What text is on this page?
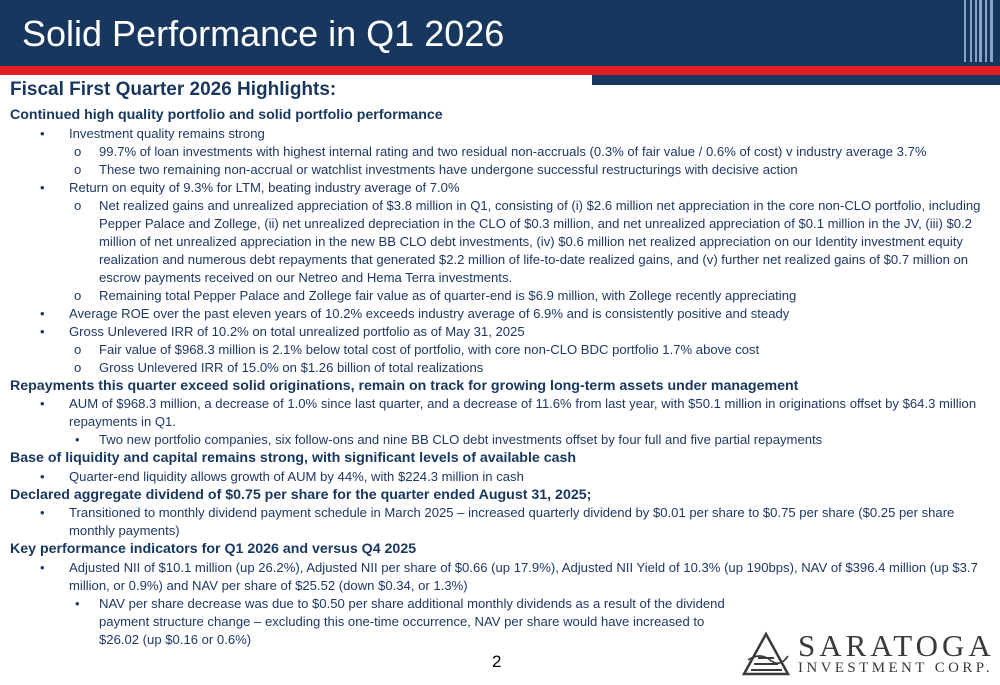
Solid Performance in Q1 2026
Fiscal First Quarter 2026 Highlights:

Continued high quality portfolio and solid portfolio performance

• Investment quality remains strong

o 99.7% of loan investments with highest internal rating and two residual non-accruals (0.3% of fair value / 0.6% of cost) v industry average 3.7%

o These two remaining non-accrual or watchlist investments have undergone successful restructurings with decisive action

• Return on equity of 9.3% for LTM, beating industry average of 7.0%

o Net realized gains and unrealized appreciation of $3.8 million in Q1, consisting of (i) $2.6 million net appreciation in the core non-CLO portfolio, including Pepper Palace and Zollege, (ii) net unrealized depreciation in the CLO of $0.3 million, and net unrealized appreciation of $0.1 million in the JV, (iii) $0.2 million of net unrealized appreciation in the new BB CLO debt investments, (iv) $0.6 million net realized appreciation on our Identity investment equity realization and numerous debt repayments that generated $2.2 million of life-to-date realized gains, and (v) further net realized gains of $0.7 million on escrow payments received on our Netreo and Hema Terra investments.

o Remaining total Pepper Palace and Zollege fair value as of quarter-end is $6.9 million, with Zollege recently appreciating

• Average ROE over the past eleven years of 10.2% exceeds industry average of 6.9% and is consistently positive and steady

• Gross Unlevered IRR of 10.2% on total unrealized portfolio as of May 31, 2025

o Fair value of $968.3 million is 2.1% below total cost of portfolio, with core non-CLO BDC portfolio 1.7% above cost

o Gross Unlevered IRR of 15.0% on $1.26 billion of total realizations

Repayments this quarter exceed solid originations, remain on track for growing long-term assets under management

• AUM of $968.3 million, a decrease of 1.0% since last quarter, and a decrease of 11.6% from last year, with $50.1 million in originations offset by $64.3 million repayments in Q1.

• Two new portfolio companies, six follow-ons and nine BB CLO debt investments offset by four full and five partial repayments

Base of liquidity and capital remains strong, with significant levels of available cash

• Quarter-end liquidity allows growth of AUM by 44%, with $224.3 million in cash

Declared aggregate dividend of $0.75 per share for the quarter ended August 31, 2025;

• Transitioned to monthly dividend payment schedule in March 2025 – increased quarterly dividend by $0.01 per share to $0.75 per share ($0.25 per share monthly payments)

Key performance indicators for Q1 2026 and versus Q4 2025

• Adjusted NII of $10.1 million (up 26.2%), Adjusted NII per share of $0.66 (up 17.9%), Adjusted NII Yield of 10.3% (up 190bps), NAV of $396.4 million (up $3.7 million, or 0.9%) and NAV per share of $25.52 (down $0.34, or 1.3%)

• NAV per share decrease was due to $0.50 per share additional monthly dividends as a result of the dividend payment structure change – excluding this one-time occurrence, NAV per share would have increased to $26.02 (up $0.16 or 0.6%)

2	SARATOGA
INVESTMENT CORP.
